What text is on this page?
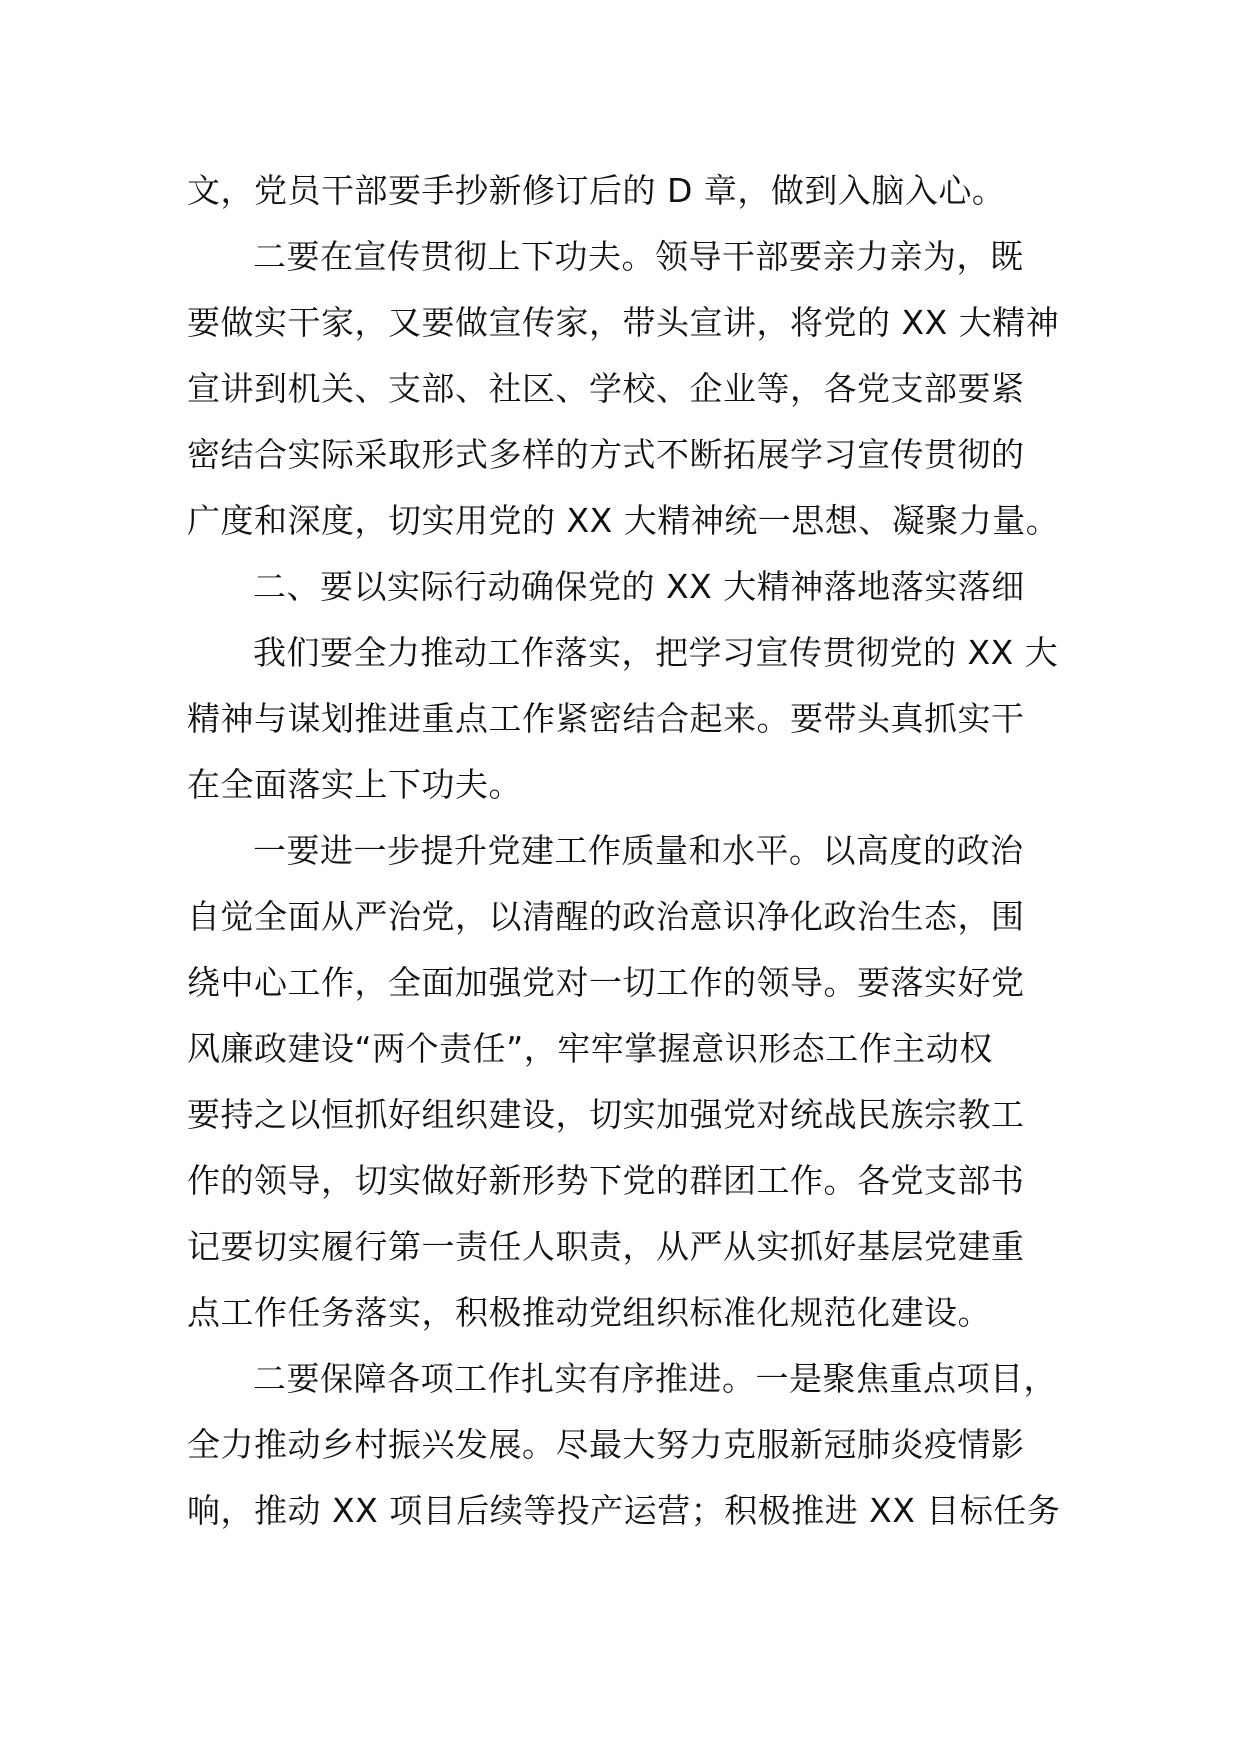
文，党员干部要手抄新修订后的 D 章，做到入脑入心。
二要在宣传贯彻上下功夫。领导干部要亲力亲为，既
要做实干家，又要做宣传家，带头宣讲，将党的 XX 大精神
宣讲到机关、支部、社区、学校、企业等，各党支部要紧
密结合实际采取形式多样的方式不断拓展学习宣传贯彻的
广度和深度，切实用党的 XX 大精神统一思想、凝聚力量。
二、要以实际行动确保党的 XX 大精神落地落实落细
我们要全力推动工作落实，把学习宣传贯彻党的 XX 大
精神与谋划推进重点工作紧密结合起来。要带头真抓实干
在全面落实上下功夫。
一要进一步提升党建工作质量和水平。以高度的政治
自觉全面从严治党，以清醒的政治意识净化政治生态，围
绕中心工作，全面加强党对一切工作的领导。要落实好党
风廉政建设“两个责任”，牢牢掌握意识形态工作主动权
要持之以恒抓好组织建设，切实加强党对统战民族宗教工
作的领导，切实做好新形势下党的群团工作。各党支部书
记要切实履行第一责任人职责，从严从实抓好基层党建重
点工作任务落实，积极推动党组织标准化规范化建设。
二要保障各项工作扎实有序推进。一是聚焦重点项目，
全力推动乡村振兴发展。尽最大努力克服新冠肺炎疫情影
响，推动 XX 项目后续等投产运营；积极推进 XX 目标任务
